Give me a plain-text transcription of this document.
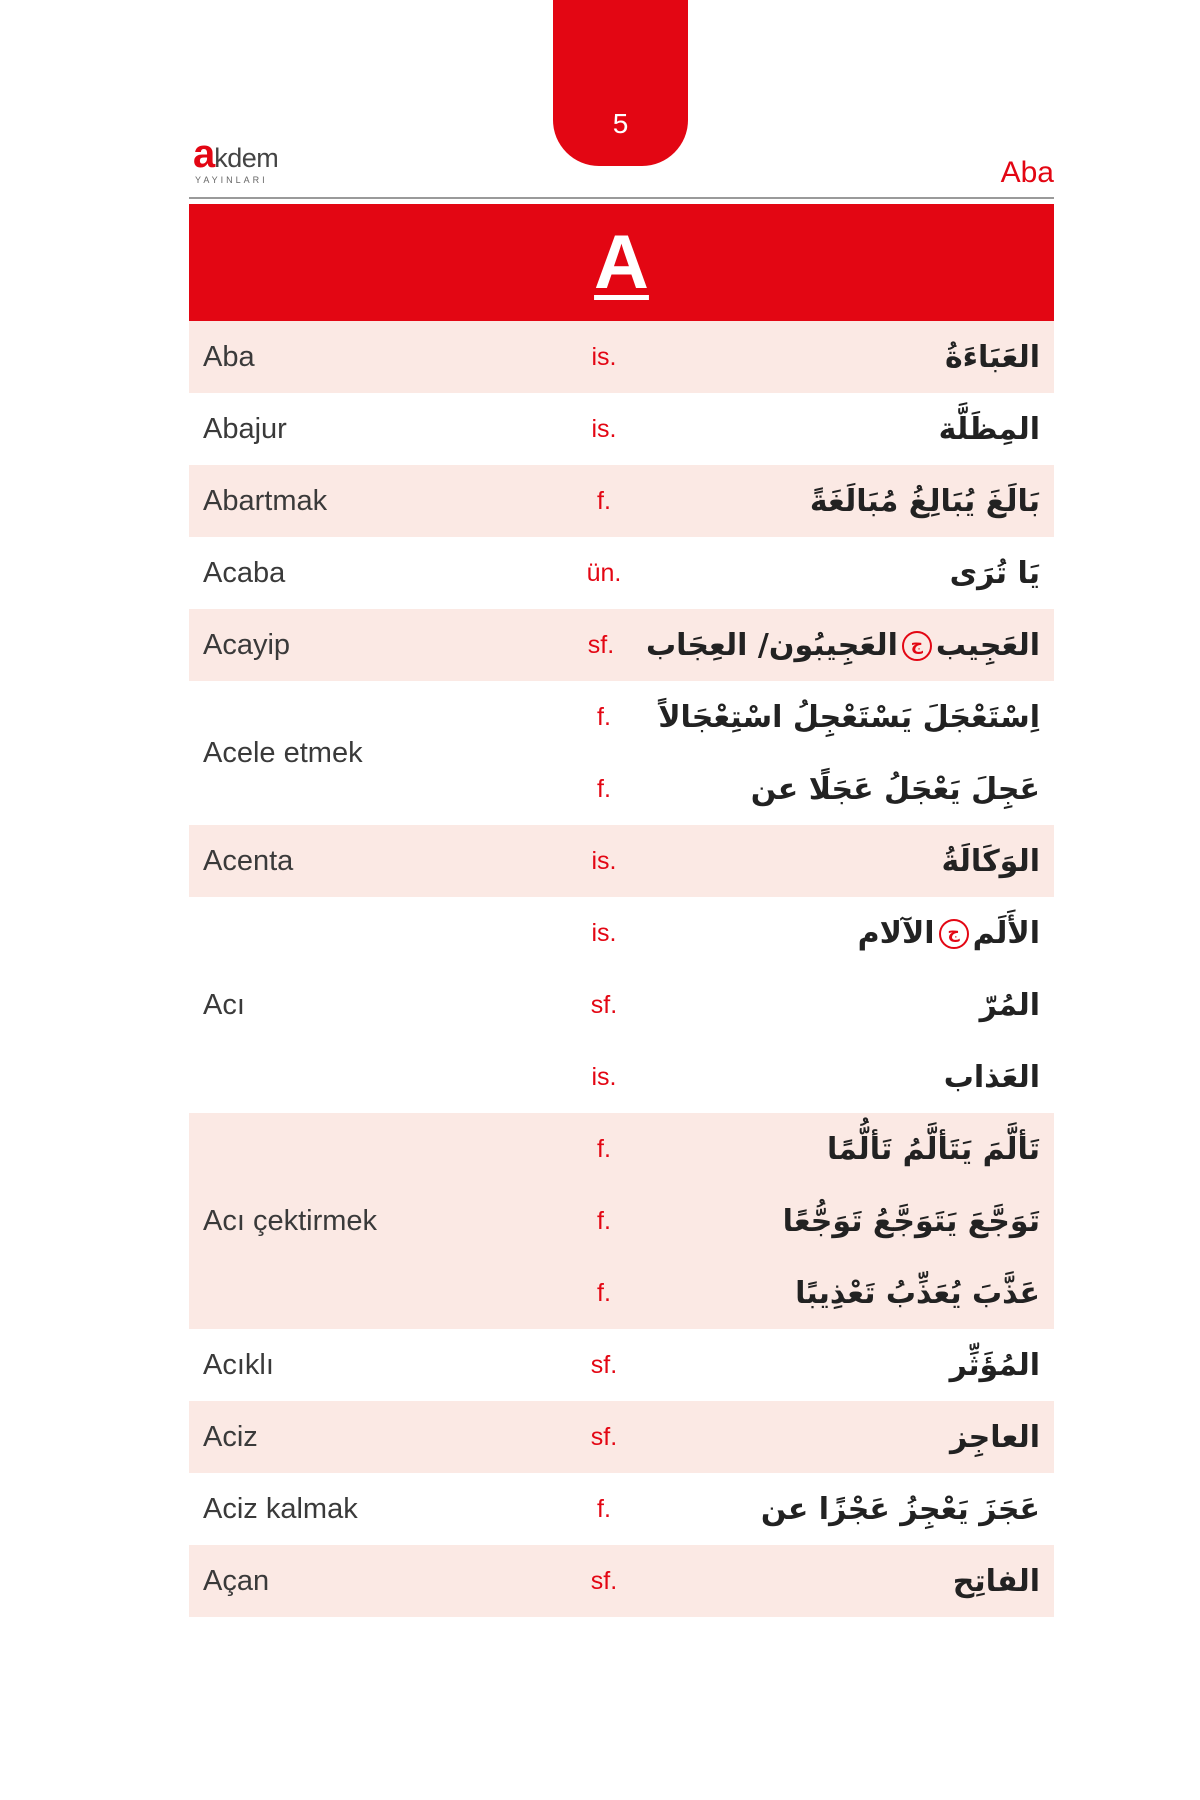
5
a kdem
YAYINLARI	Aba
A
Aba	is.	العَبَاءَةُ
Abajur	is.	المِظَلَّة
Abartmak	f.	بَالَغَ يُبَالِغُ مُبَالَغَةً
Acaba	ün.	يَا تُرَى
Acayip	sf.	العَجِيبجالعَجِيبُون/ العِجَاب
Acele etmek
f.	اِسْتَعْجَلَ يَسْتَعْجِلُ اسْتِعْجَالاً
f.	عَجِلَ يَعْجَلُ عَجَلًا عن
Acenta	is.	الوَكَالَةُ
Acı
is.	الأَلَمجالآلام
sf.	المُرّ
is.	العَذاب
Acı çektirmek
f.	تَألَّمَ يَتَألَّمُ تَألُّمًا
f.	تَوَجَّعَ يَتَوَجَّعُ تَوَجُّعًا
f.	عَذَّبَ يُعَذِّبُ تَعْذِيبًا
Acıklı	sf.	المُؤَثِّر
Aciz	sf.	العاجِز
Aciz kalmak	f.	عَجَزَ يَعْجِزُ عَجْزًا عن
Açan	sf.	الفاتِح
